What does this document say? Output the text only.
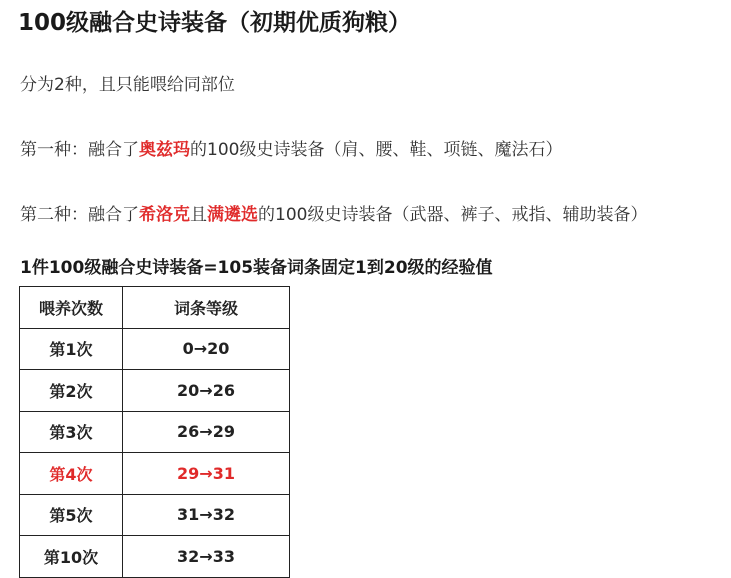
100级融合史诗装备（初期优质狗粮）
分为2种，且只能喂给同部位
第一种：融合了奥兹玛的100级史诗装备（肩、腰、鞋、项链、魔法石）
第二种：融合了希洛克且满遴选的100级史诗装备（武器、裤子、戒指、辅助装备）
1件100级融合史诗装备=105装备词条固定1到20级的经验值
喂养次数	词条等级
第1次	0→20
第2次	20→26
第3次	26→29
第4次	29→31
第5次	31→32
第10次	32→33
